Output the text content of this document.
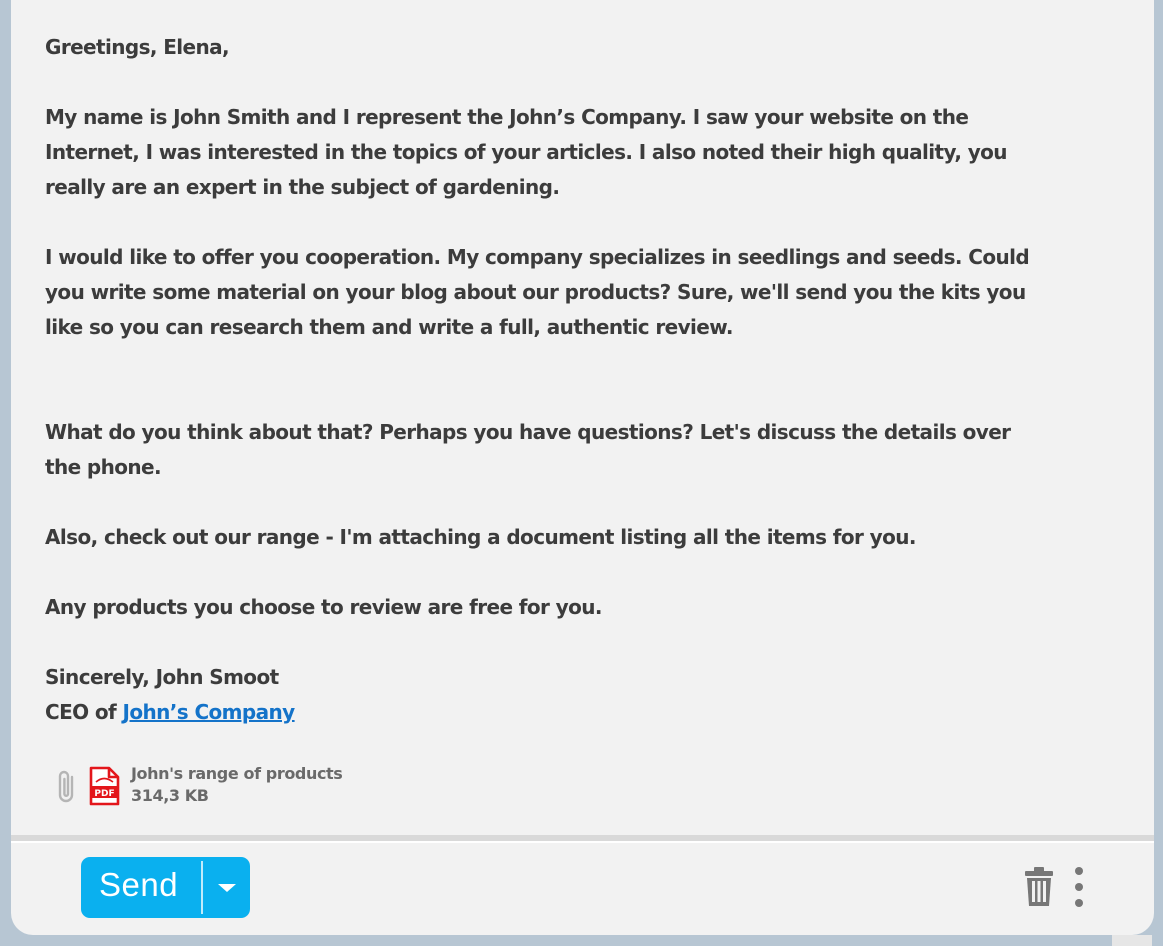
Greetings, Elena,

My name is John Smith and I represent the John’s Company. I saw your website on the

Internet, I was interested in the topics of your articles. I also noted their high quality, you

really are an expert in the subject of gardening.

I would like to offer you cooperation. My company specializes in seedlings and seeds. Could

you write some material on your blog about our products? Sure, we'll send you the kits you

like so you can research them and write a full, authentic review.

What do you think about that? Perhaps you have questions? Let's discuss the details over

the phone.

Also, check out our range - I'm attaching a document listing all the items for you.

Any products you choose to review are free for you.

Sincerely, John Smoot

CEO of John’s Company

PDF
John's range of products
314,3 KB
Send
